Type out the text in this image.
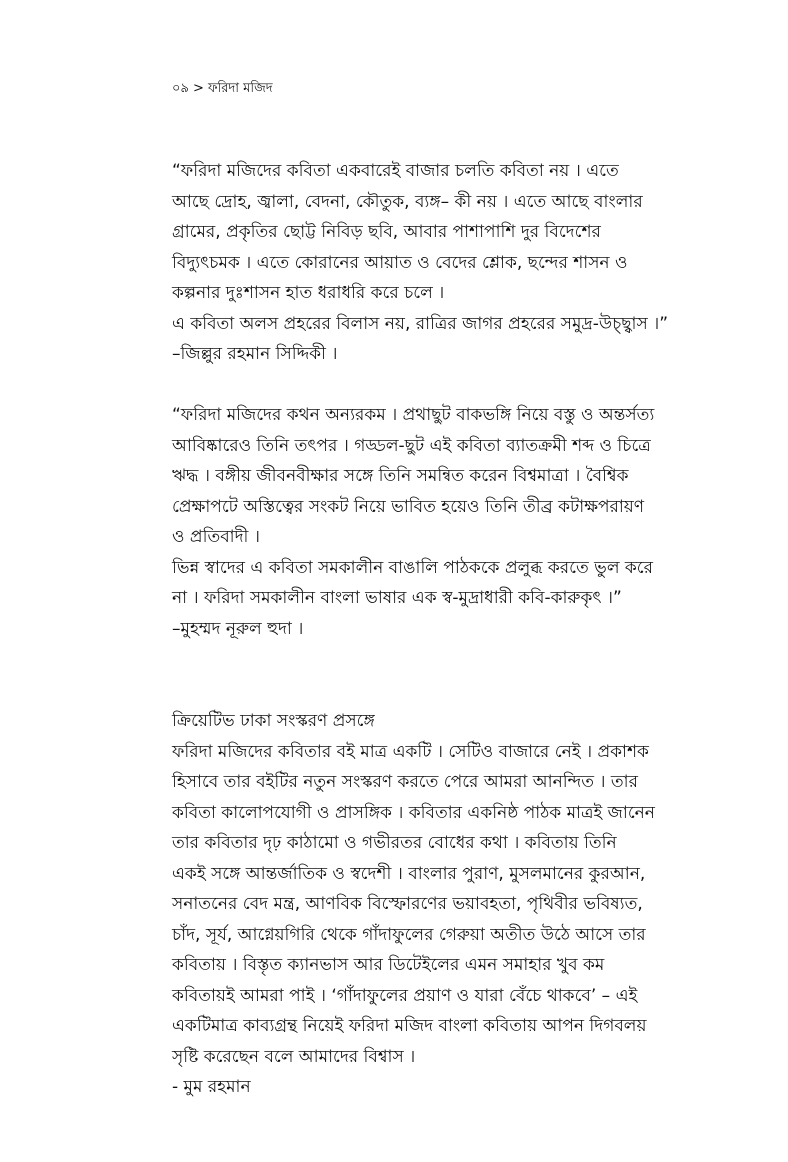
০৯ > ফরিদা মজিদ
“ফরিদা মজিদের কবিতা একবারেই বাজার চলতি কবিতা নয় । এতে
আছে দ্রোহ, জ্বালা, বেদনা, কৌতুক, ব্যঙ্গ– কী নয় । এতে আছে বাংলার
গ্রামের, প্রকৃতির ছোট্ট নিবিড় ছবি, আবার পাশাপাশি দুর বিদেশের
বিদ্যুৎচমক । এতে কোরানের আয়াত ও বেদের শ্লোক, ছন্দের শাসন ও
কল্পনার দুঃশাসন হাত ধরাধরি করে চলে ।
এ কবিতা অলস প্রহরের বিলাস নয়, রাত্রির জাগর প্রহরের সমুদ্র-উচ্ছ্বাস ।”
–জিল্লুর রহমান সিদ্দিকী ।
“ফরিদা মজিদের কথন অন্যরকম । প্রথাছুট বাকভঙ্গি নিয়ে বস্তু ও অন্তর্সত্য
আবিষ্কারেও তিনি তৎপর । গড্ডল-ছুট এই কবিতা ব্যাতক্রমী শব্দ ও চিত্রে
ঋদ্ধ । বঙ্গীয় জীবনবীক্ষার সঙ্গে তিনি সমন্বিত করেন বিশ্বমাত্রা । বৈশ্বিক
প্রেক্ষাপটে অস্তিত্বের সংকট নিয়ে ভাবিত হয়েও তিনি তীব্র কটাক্ষপরায়ণ
ও প্রতিবাদী ।
ভিন্ন স্বাদের এ কবিতা সমকালীন বাঙালি পাঠককে প্রলুব্ধ করতে ভুল করে
না । ফরিদা সমকালীন বাংলা ভাষার এক স্ব-মুদ্রাধারী কবি-কারুকৃৎ ।”
–মুহম্মদ নূরুল হুদা ।
ক্রিয়েটিভ ঢাকা সংস্করণ প্রসঙ্গে
ফরিদা মজিদের কবিতার বই মাত্র একটি । সেটিও বাজারে নেই । প্রকাশক
হিসাবে তার বইটির নতুন সংস্করণ করতে পেরে আমরা আনন্দিত । তার
কবিতা কালোপযোগী ও প্রাসঙ্গিক । কবিতার একনিষ্ঠ পাঠক মাত্রই জানেন
তার কবিতার দৃঢ় কাঠামো ও গভীরতর বোধের কথা । কবিতায় তিনি
একই সঙ্গে আন্তর্জাতিক ও স্বদেশী । বাংলার পুরাণ, মুসলমানের কুরআন,
সনাতনের বেদ মন্ত্র, আণবিক বিস্ফোরণের ভয়াবহতা, পৃথিবীর ভবিষ্যত,
চাঁদ, সূর্য, আগ্নেয়গিরি থেকে গাঁদাফুলের গেরুয়া অতীত উঠে আসে তার
কবিতায় । বিস্তৃত ক্যানভাস আর ডিটেইলের এমন সমাহার খুব কম
কবিতায়ই আমরা পাই । ‘গাঁদাফুলের প্রয়াণ ও যারা বেঁচে থাকবে’ – এই
একটিমাত্র কাব্যগ্রন্থ নিয়েই ফরিদা মজিদ বাংলা কবিতায় আপন দিগবলয়
সৃষ্টি করেছেন বলে আমাদের বিশ্বাস ।
- মুম রহমান
